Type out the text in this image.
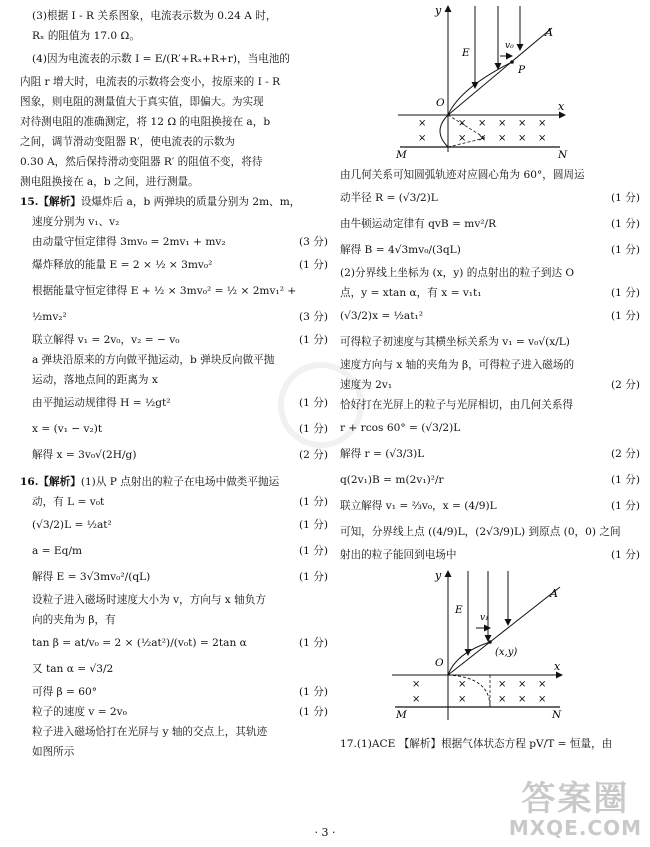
(3)根据 I - R 关系图象，电流表示数为 0.24 A 时，
Rₓ 的阻值为 17.0 Ω。
(4)因为电流表的示数 I = E/(R′+Rₓ+R+r)，当电池的
内阻 r 增大时，电流表的示数将会变小，按原来的 I - R
图象，则电阻的测量值大于真实值，即偏大。为实现
对待测电阻的准确测定，将 12 Ω 的电阻换接在 a，b
之间，调节滑动变阻器 R′，使电流表的示数为
0.30 A，然后保持滑动变阻器 R′ 的阻值不变，将待
测电阻换接在 a，b 之间，进行测量。
15.【解析】设爆炸后 a，b 两弹块的质量分别为 2m、m，
速度分别为 v₁、v₂
由动量守恒定律得 3mv₀ = 2mv₁ + mv₂	(3 分)
爆炸释放的能量 E = 2 × ½ × 3mv₀²	(1 分)
根据能量守恒定律得 E + ½ × 3mv₀² = ½ × 2mv₁² +
½mv₂²	(3 分)
联立解得 v₁ = 2v₀，v₂ = − v₀	(1 分)
a 弹块沿原来的方向做平抛运动，b 弹块反向做平抛
运动，落地点间的距离为 x
由平抛运动规律得 H = ½gt²	(1 分)
x = (v₁ − v₂)t	(1 分)
解得 x = 3v₀√(2H/g)	(2 分)
16.【解析】(1)从 P 点射出的粒子在电场中做类平抛运
动，有 L = v₀t	(1 分)
(√3/2)L = ½at²	(1 分)
a = Eq/m	(1 分)
解得 E = 3√3mv₀²/(qL)	(1 分)
设粒子进入磁场时速度大小为 v，方向与 x 轴负方
向的夹角为 β，有
tan β = at/v₀ = 2 × (½at²)/(v₀t) = 2tan α	(1 分)
又 tan α = √3/2
可得 β = 60°	(1 分)
粒子的速度 v = 2v₀	(1 分)
粒子进入磁场恰打在光屏与 y 轴的交点上，其轨迹
如图所示
y
x
M	N
A
O
E
v₀
P
×	× × × × ×
×	× × × × ×
由几何关系可知圆弧轨迹对应圆心角为 60°，圆周运
动半径 R = (√3/2)L	(1 分)
由牛顿运动定律有 qvB = mv²/R	(1 分)
解得 B = 4√3mv₀/(3qL)	(1 分)
(2)分界线上坐标为 (x，y) 的点射出的粒子到达 O
点，y = xtan α，有 x = v₁t₁	(1 分)
(√3/2)x = ½at₁²	(1 分)
可得粒子初速度与其横坐标关系为 v₁ = v₀√(x/L)
速度方向与 x 轴的夹角为 β，可得粒子进入磁场的
速度为 2v₁	(2 分)
恰好打在光屏上的粒子与光屏相切，由几何关系得
r + rcos 60° = (√3/2)L
解得 r = (√3/3)L	(2 分)
q(2v₁)B = m(2v₁)²/r	(1 分)
联立解得 v₁ = ⅔v₀，x = (4/9)L	(1 分)
可知，分界线上点 ((4/9)L，(2√3/9)L) 到原点 (0，0) 之间
射出的粒子能回到电场中	(1 分)
y
x
M	N
A
O
E
v₁
(x,y)
×	×	× × ×
×	×	× × ×
17.(1)ACE 【解析】根据气体状态方程 pV/T = 恒量，由
· 3 ·
答案圈
MXQE.COM
